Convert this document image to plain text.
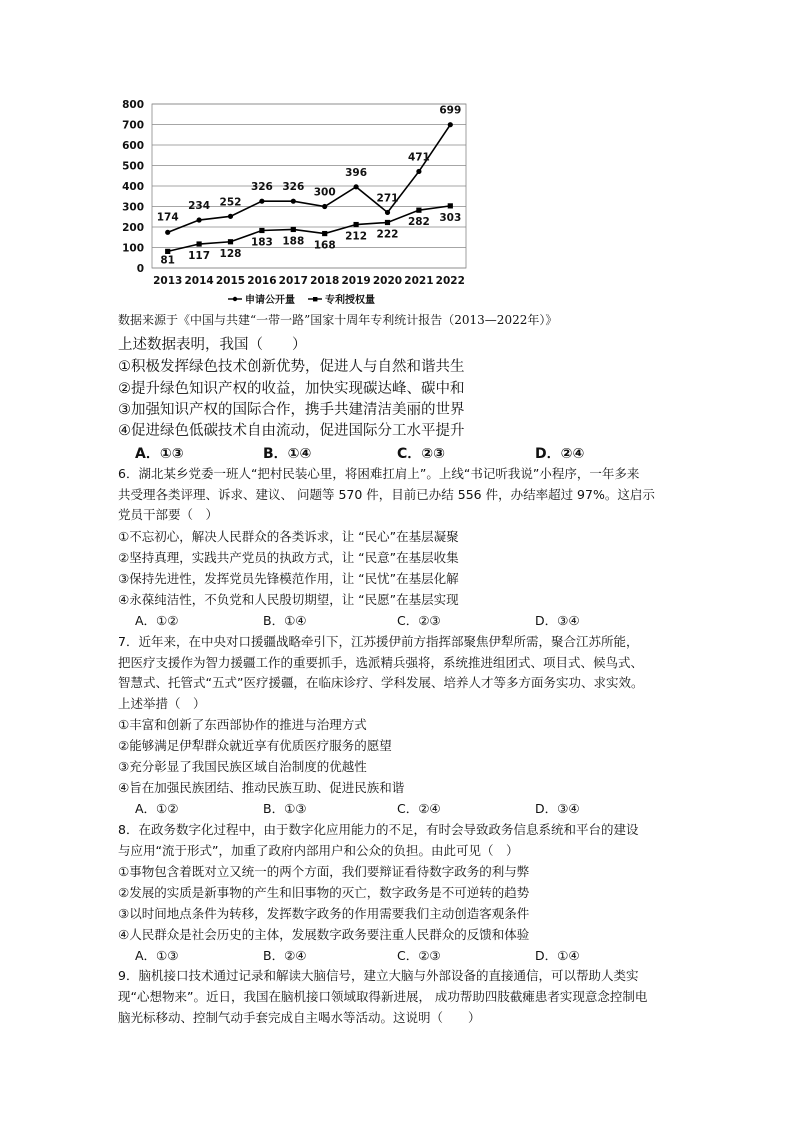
0
100
200
300
400
500
600
700
800
2013 2014 2015 2016 2017 2018 2019 2020 2021 2022
174
234 252
326 326 300
396
271
471
699
81 117 128
183 188 168
212 222
282 303
申请公开量	专利授权量
数据来源于《中国与共建“一带一路”国家十周年专利统计报告（2013—2022年）》
上述数据表明，我国（　　）
①积极发挥绿色技术创新优势，促进人与自然和谐共生
②提升绿色知识产权的收益，加快实现碳达峰、碳中和
③加强知识产权的国际合作，携手共建清洁美丽的世界
④促进绿色低碳技术自由流动，促进国际分工水平提升
A．①③	B．①④	C．②③	D．②④
6．湖北某乡党委一班人“把村民装心里，将困难扛肩上”。上线“书记听我说”小程序，一年多来
共受理各类评理、诉求、建议、 问题等 570 件，目前已办结 556 件，办结率超过 97%。这启示
党员干部要（　）
①不忘初心，解决人民群众的各类诉求，让 “民心”在基层凝聚
②坚持真理，实践共产党员的执政方式，让 “民意”在基层收集
③保持先进性，发挥党员先锋模范作用，让 “民忧”在基层化解
④永葆纯洁性，不负党和人民殷切期望，让 “民愿”在基层实现
A．①②	B．①④	C．②③	D．③④
7．近年来，在中央对口援疆战略牵引下，江苏援伊前方指挥部聚焦伊犁所需，聚合江苏所能，
把医疗支援作为智力援疆工作的重要抓手，选派精兵强将，系统推进组团式、项目式、候鸟式、
智慧式、托管式“五式”医疗援疆，在临床诊疗、学科发展、培养人才等多方面务实功、求实效。
上述举措（　）
①丰富和创新了东西部协作的推进与治理方式
②能够满足伊犁群众就近享有优质医疗服务的愿望
③充分彰显了我国民族区域自治制度的优越性
④旨在加强民族团结、推动民族互助、促进民族和谐
A．①②	B．①③	C．②④	D．③④
8．在政务数字化过程中，由于数字化应用能力的不足，有时会导致政务信息系统和平台的建设
与应用“流于形式”，加重了政府内部用户和公众的负担。由此可见（　）
①事物包含着既对立又统一的两个方面，我们要辩证看待数字政务的利与弊
②发展的实质是新事物的产生和旧事物的灭亡，数字政务是不可逆转的趋势
③以时间地点条件为转移，发挥数字政务的作用需要我们主动创造客观条件
④人民群众是社会历史的主体，发展数字政务要注重人民群众的反馈和体验
A．①③	B．②④	C．②③	D．①④
9．脑机接口技术通过记录和解读大脑信号，建立大脑与外部设备的直接通信，可以帮助人类实
现“心想物来”。近日，我国在脑机接口领域取得新进展， 成功帮助四肢截瘫患者实现意念控制电
脑光标移动、控制气动手套完成自主喝水等活动。这说明（　　）
